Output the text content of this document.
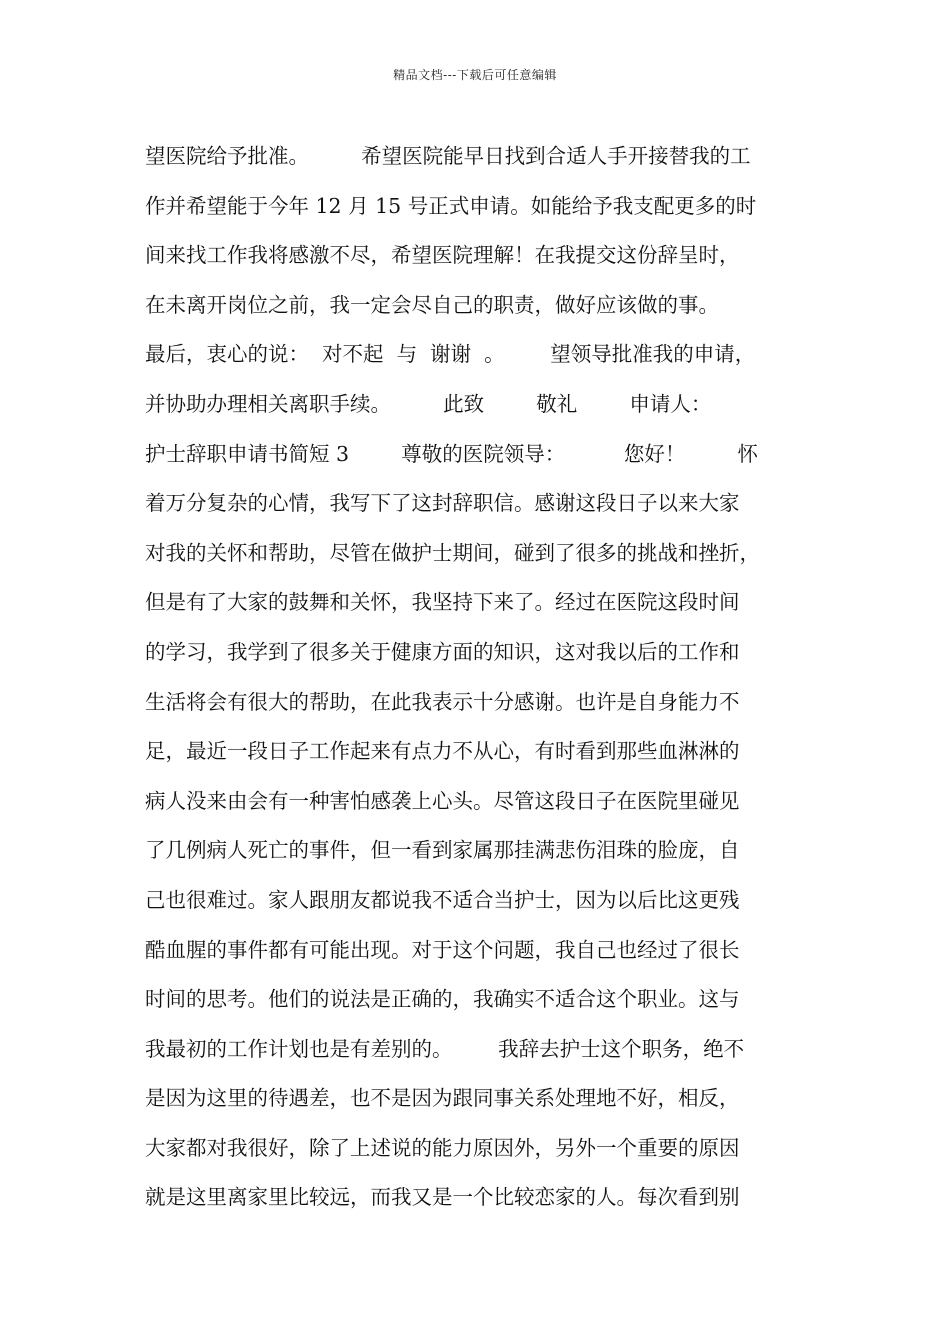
精品文档---下载后可任意编辑
望医院给予批准。        希望医院能早日找到合适人手开接替我的工
作并希望能于今年 12 月 15 号正式申请。如能给予我支配更多的时
间来找工作我将感激不尽，希望医院理解！在我提交这份辞呈时，
在未离开岗位之前，我一定会尽自己的职责，做好应该做的事。
最后，衷心的说：  对不起  与  谢谢  。       望领导批准我的申请，
并协助办理相关离职手续。        此致        敬礼        申请人：
护士辞职申请书简短 3        尊敬的医院领导：         您好！        怀
着万分复杂的心情，我写下了这封辞职信。感谢这段日子以来大家
对我的关怀和帮助，尽管在做护士期间，碰到了很多的挑战和挫折，
但是有了大家的鼓舞和关怀，我坚持下来了。经过在医院这段时间
的学习，我学到了很多关于健康方面的知识，这对我以后的工作和
生活将会有很大的帮助，在此我表示十分感谢。也许是自身能力不
足，最近一段日子工作起来有点力不从心，有时看到那些血淋淋的
病人没来由会有一种害怕感袭上心头。尽管这段日子在医院里碰见
了几例病人死亡的事件，但一看到家属那挂满悲伤泪珠的脸庞，自
己也很难过。家人跟朋友都说我不适合当护士，因为以后比这更残
酷血腥的事件都有可能出现。对于这个问题，我自己也经过了很长
时间的思考。他们的说法是正确的，我确实不适合这个职业。这与
我最初的工作计划也是有差别的。       我辞去护士这个职务，绝不
是因为这里的待遇差，也不是因为跟同事关系处理地不好，相反，
大家都对我很好，除了上述说的能力原因外，另外一个重要的原因
就是这里离家里比较远，而我又是一个比较恋家的人。每次看到别
